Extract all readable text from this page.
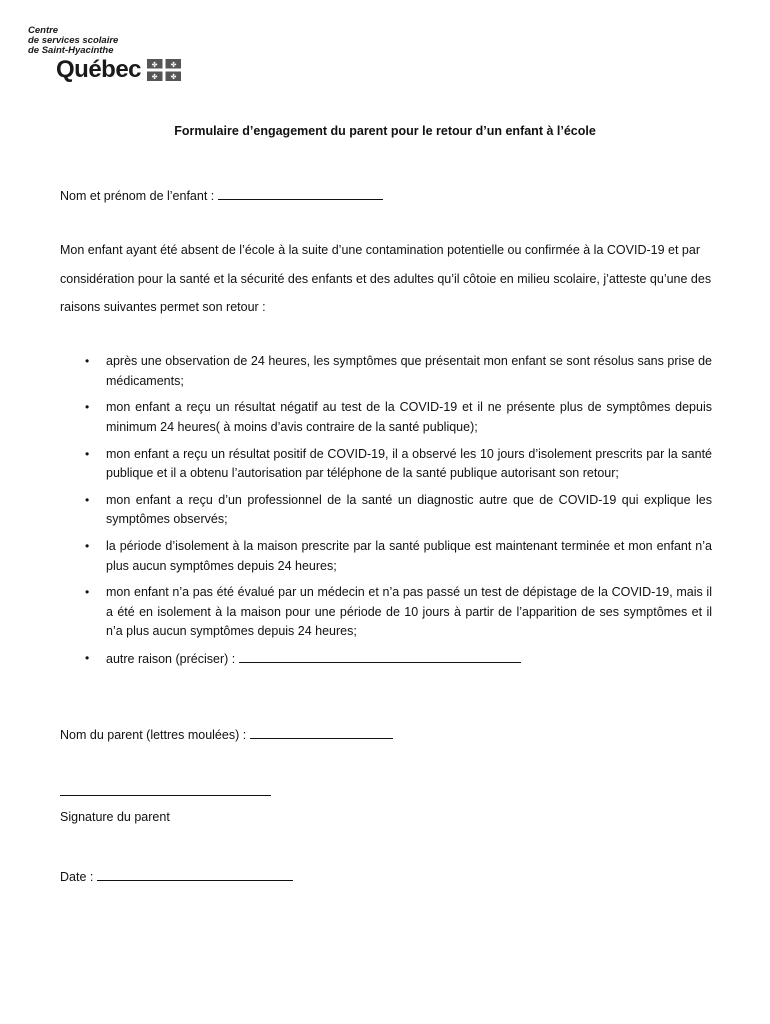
Centre
de services scolaire
de Saint-Hyacinthe
Québec ✤ ✤
✤ ✤
Formulaire d’engagement du parent pour le retour d’un enfant à l’école
Nom et prénom de l’enfant :
Mon enfant ayant été absent de l’école à la suite d’une contamination potentielle ou confirmée à la COVID-19 et par considération pour la santé et la sécurité des enfants et des adultes qu’il côtoie en milieu scolaire, j’atteste qu’une des raisons suivantes permet son retour :
• après une observation de 24 heures, les symptômes que présentait mon enfant se sont résolus sans prise de médicaments;
• mon enfant a reçu un résultat négatif au test de la COVID-19 et il ne présente plus de symptômes depuis minimum 24 heures( à moins d’avis contraire de la santé publique);
• mon enfant a reçu un résultat positif de COVID-19, il a observé les 10 jours d’isolement prescrits par la santé publique et il a obtenu l’autorisation par téléphone de la santé publique autorisant son retour;
• mon enfant a reçu d’un professionnel de la santé un diagnostic autre que de COVID-19 qui explique les symptômes observés;
• la période d’isolement à la maison prescrite par la santé publique est maintenant terminée et mon enfant n’a plus aucun symptômes depuis 24 heures;
• mon enfant n’a pas été évalué par un médecin et n’a pas passé un test de dépistage de la COVID-19, mais il a été en isolement à la maison pour une période de 10 jours à partir de l’apparition de ses symptômes et il n’a plus aucun symptômes depuis 24 heures;
• autre raison (préciser) :
Nom du parent (lettres moulées) :
Signature du parent
Date :
